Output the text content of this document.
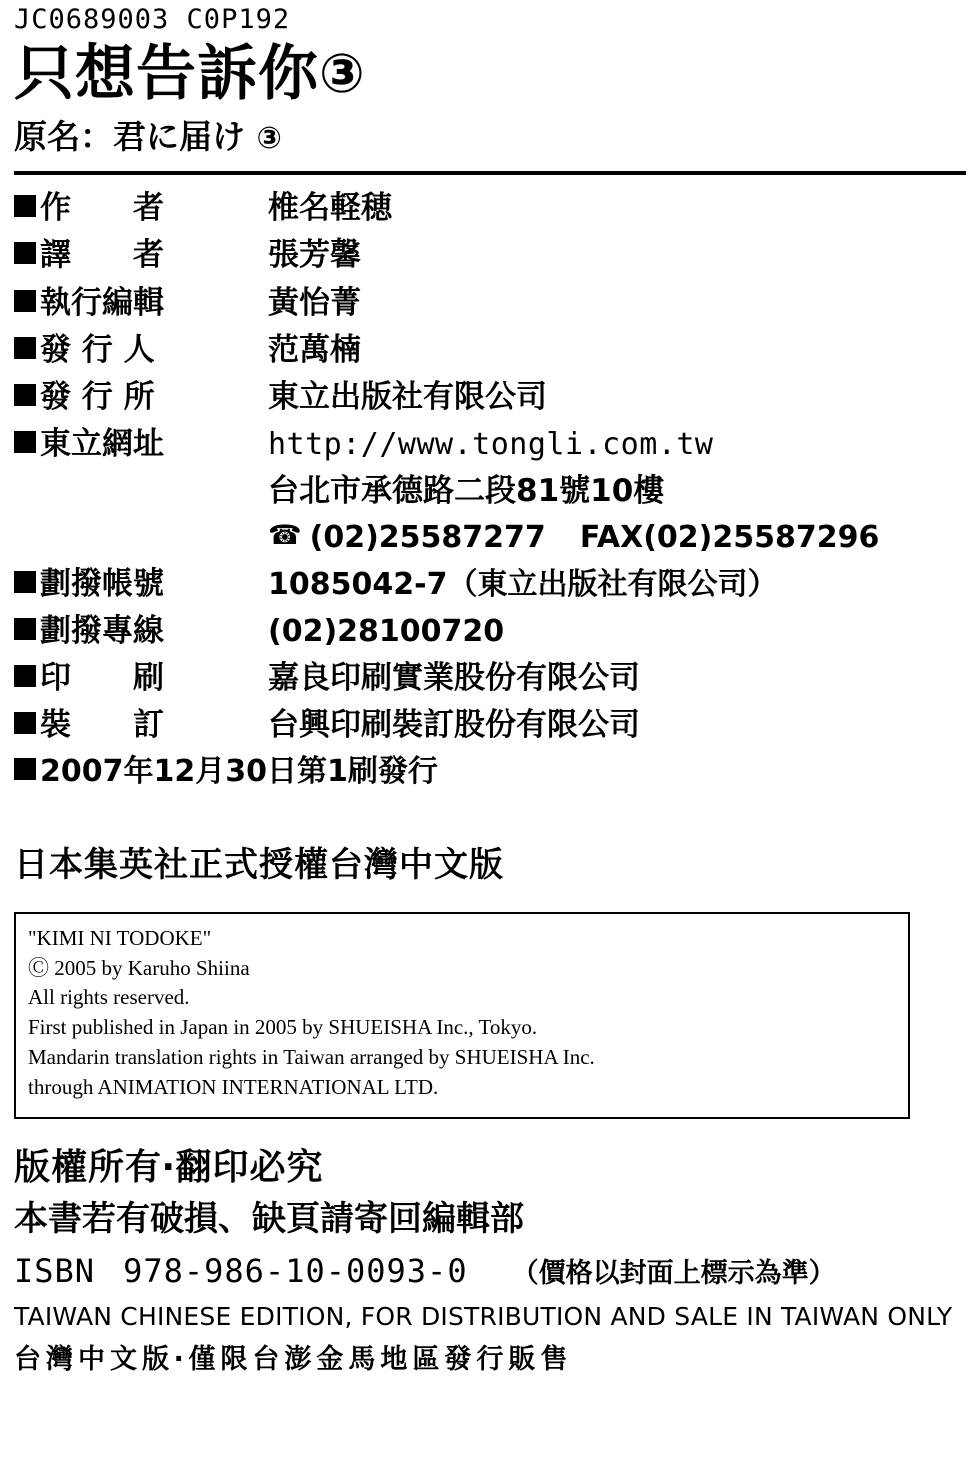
JC0689003 C0P192
只想告訴你③
原名：君に届け ③
作　　者	椎名軽穂
譯　　者	張芳馨
執行編輯	黃怡菁
發 行 人	范萬楠
發 行 所	東立出版社有限公司
東立網址	http://www.tongli.com.tw
台北市承德路二段81號10樓
☎ (02)25587277 FAX(02)25587296
劃撥帳號	1085042-7（東立出版社有限公司）
劃撥專線	(02)28100720
印　　刷	嘉良印刷實業股份有限公司
裝　　訂	台興印刷裝訂股份有限公司
2007年12月30日第1刷發行
日本集英社正式授權台灣中文版

"KIMI NI TODOKE"

Ⓒ 2005 by Karuho Shiina

All rights reserved.

First published in Japan in 2005 by SHUEISHA Inc., Tokyo.

Mandarin translation rights in Taiwan arranged by SHUEISHA Inc.

through ANIMATION INTERNATIONAL LTD.

版權所有‧翻印必究
本書若有破損、缺頁請寄回編輯部
ISBN 978-986-10-0093-0 （價格以封面上標示為準）
TAIWAN CHINESE EDITION, FOR DISTRIBUTION AND SALE IN TAIWAN ONLY
台灣中文版‧僅限台澎金馬地區發行販售
